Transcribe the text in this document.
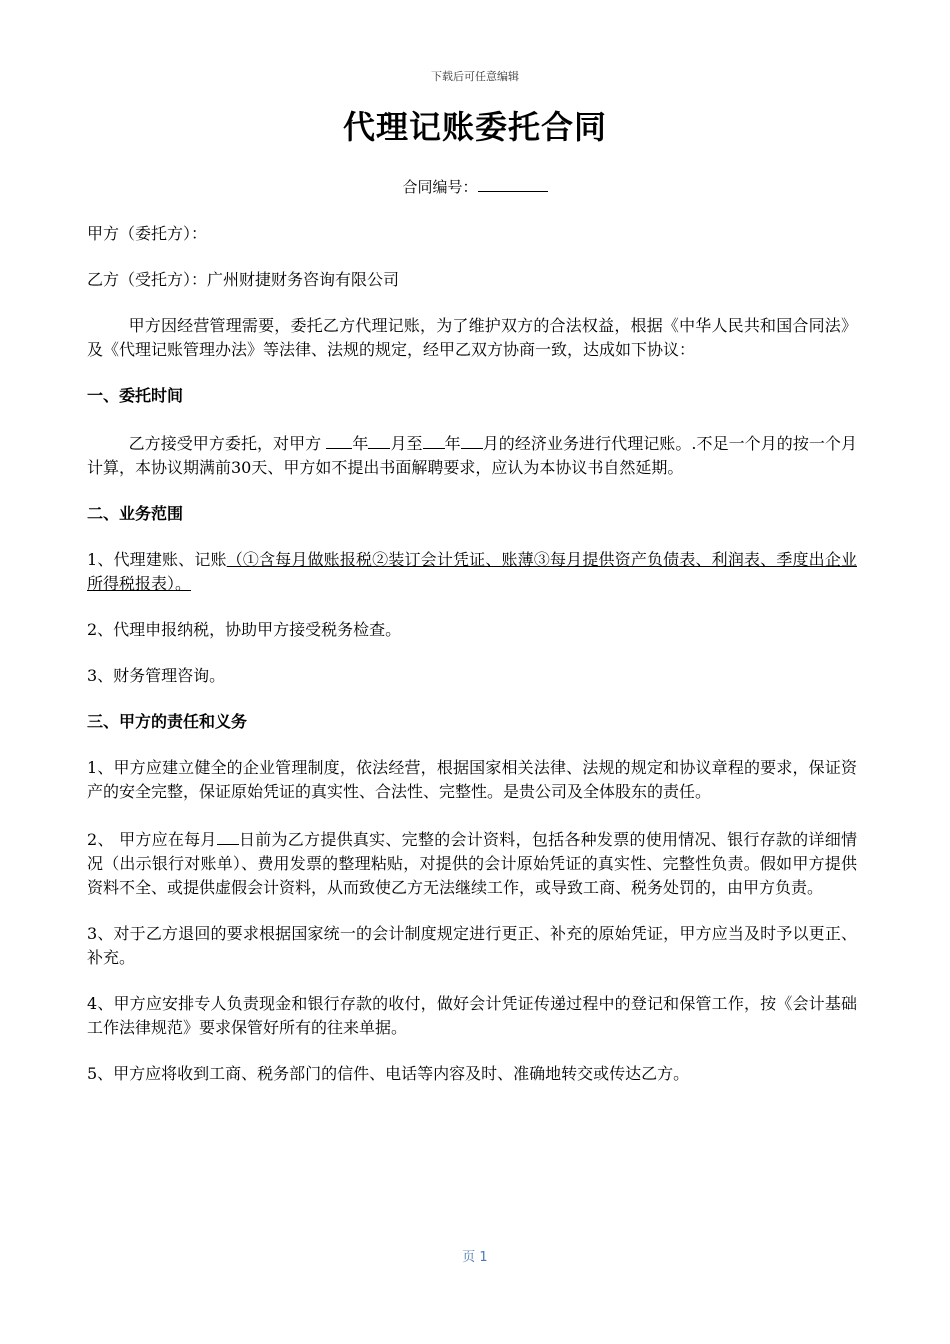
下载后可任意编辑
代理记账委托合同
合同编号：

甲方（委托方）：

乙方（受托方）：广州财捷财务咨询有限公司

甲方因经营管理需要，委托乙方代理记账，为了维护双方的合法权益，根据《中华人民共和国合同法》及《代理记账管理办法》等法律、法规的规定，经甲乙双方协商一致，达成如下协议：

一、委托时间

乙方接受甲方委托，对甲方 年 月至 年 月的经济业务进行代理记账。.不足一个月的按一个月计算，本协议期满前30天、甲方如不提出书面解聘要求，应认为本协议书自然延期。

二、业务范围

1、代理建账、记账（①含每月做账报税②装订会计凭证、账薄③每月提供资产负债表、利润表、季度出企业所得税报表）。

2、代理申报纳税，协助甲方接受税务检查。

3、财务管理咨询。

三、甲方的责任和义务

1、甲方应建立健全的企业管理制度，依法经营，根据国家相关法律、法规的规定和协议章程的要求，保证资产的安全完整，保证原始凭证的真实性、合法性、完整性。是贵公司及全体股东的责任。

2、 甲方应在每月 日前为乙方提供真实、完整的会计资料，包括各种发票的使用情况、银行存款的详细情况（出示银行对账单）、费用发票的整理粘贴，对提供的会计原始凭证的真实性、完整性负责。假如甲方提供资料不全、或提供虚假会计资料，从而致使乙方无法继续工作，或导致工商、税务处罚的，由甲方负责。

3、对于乙方退回的要求根据国家统一的会计制度规定进行更正、补充的原始凭证，甲方应当及时予以更正、补充。

4、甲方应安排专人负责现金和银行存款的收付，做好会计凭证传递过程中的登记和保管工作，按《会计基础工作法律规范》要求保管好所有的往来单据。

5、甲方应将收到工商、税务部门的信件、电话等内容及时、准确地转交或传达乙方。

页 1
